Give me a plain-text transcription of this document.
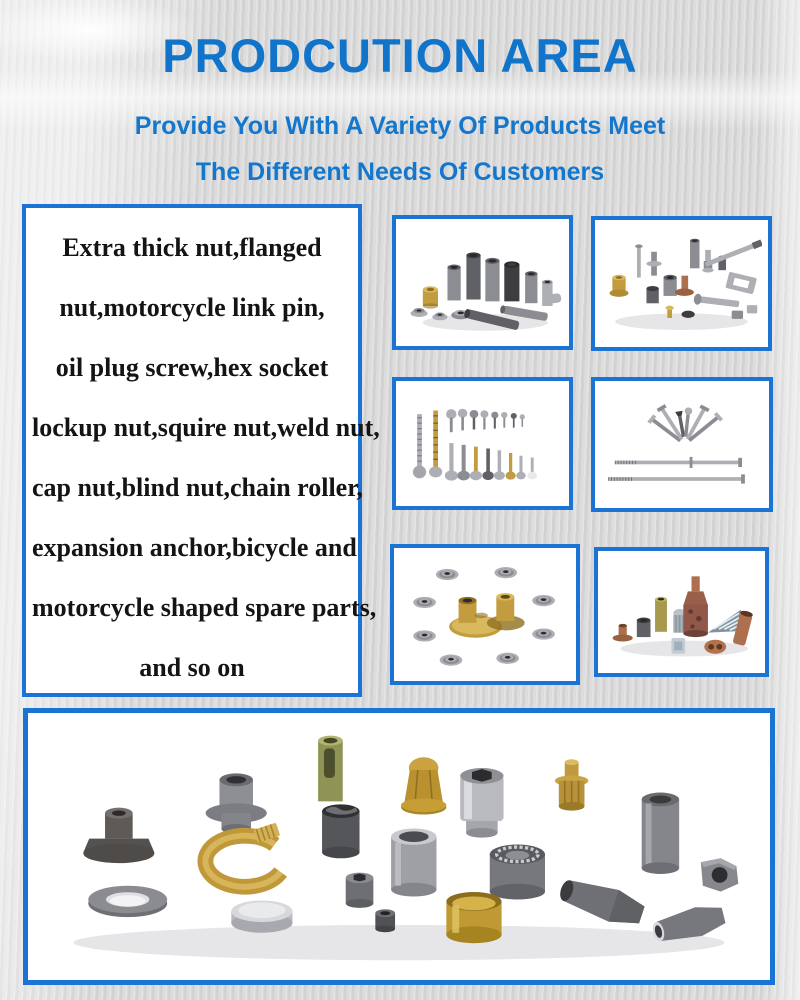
PRODCUTION AREA

Provide You With A Variety Of Products Meet

The Different Needs Of Customers

Extra thick nut,flanged
nut,motorcycle link pin,
oil plug screw,hex socket
lockup nut,squire nut,weld nut,
cap nut,blind nut,chain roller,
expansion anchor,bicycle and
motorcycle shaped spare parts,
and so on
